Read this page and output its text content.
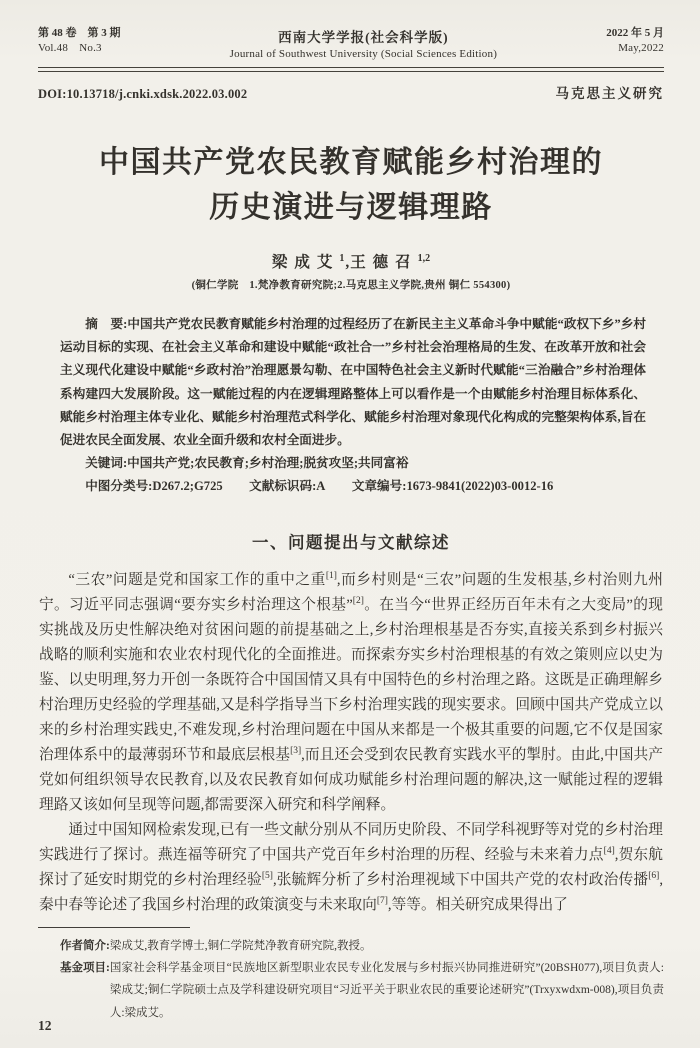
第 48 卷　第 3 期
Vol.48　No.3
西南大学学报(社会科学版)
Journal of Southwest University (Social Sciences Edition)
2022 年 5 月
May,2022
DOI:10.13718/j.cnki.xdsk.2022.03.002	马克思主义研究
中国共产党农民教育赋能乡村治理的
历史演进与逻辑理路
梁成艾$^1$,王德召$^{1,2}$
(铜仁学院　1.梵净教育研究院;2.马克思主义学院,贵州 铜仁 554300)

摘　要:中国共产党农民教育赋能乡村治理的过程经历了在新民主主义革命斗争中赋能“政权下乡”乡村运动目标的实现、在社会主义革命和建设中赋能“政社合一”乡村社会治理格局的生发、在改革开放和社会主义现代化建设中赋能“乡政村治”治理愿景勾勒、在中国特色社会主义新时代赋能“三治融合”乡村治理体系构建四大发展阶段。这一赋能过程的内在逻辑理路整体上可以看作是一个由赋能乡村治理目标体系化、赋能乡村治理主体专业化、赋能乡村治理范式科学化、赋能乡村治理对象现代化构成的完整架构体系,旨在促进农民全面发展、农业全面升级和农村全面进步。

关键词:中国共产党;农民教育;乡村治理;脱贫攻坚;共同富裕

中图分类号:D267.2;G725 文献标识码:A 文章编号:1673-9841(2022)03-0012-16

一、问题提出与文献综述

“三农”问题是党和国家工作的重中之重[1],而乡村则是“三农”问题的生发根基,乡村治则九州宁。习近平同志强调“要夯实乡村治理这个根基”[2]。在当今“世界正经历百年未有之大变局”的现实挑战及历史性解决绝对贫困问题的前提基础之上,乡村治理根基是否夯实,直接关系到乡村振兴战略的顺利实施和农业农村现代化的全面推进。而探索夯实乡村治理根基的有效之策则应以史为鉴、以史明理,努力开创一条既符合中国国情又具有中国特色的乡村治理之路。这既是正确理解乡村治理历史经验的学理基础,又是科学指导当下乡村治理实践的现实要求。回顾中国共产党成立以来的乡村治理实践史,不难发现,乡村治理问题在中国从来都是一个极其重要的问题,它不仅是国家治理体系中的最薄弱环节和最底层根基[3],而且还会受到农民教育实践水平的掣肘。由此,中国共产党如何组织领导农民教育,以及农民教育如何成功赋能乡村治理问题的解决,这一赋能过程的逻辑理路又该如何呈现等问题,都需要深入研究和科学阐释。

通过中国知网检索发现,已有一些文献分别从不同历史阶段、不同学科视野等对党的乡村治理实践进行了探讨。燕连福等研究了中国共产党百年乡村治理的历程、经验与未来着力点[4],贺东航探讨了延安时期党的乡村治理经验[5],张毓辉分析了乡村治理视域下中国共产党的农村政治传播[6],秦中春等论述了我国乡村治理的政策演变与未来取向[7],等等。相关研究成果得出了

作者简介: 梁成艾,教育学博士,铜仁学院梵净教育研究院,教授。
基金项目: 国家社会科学基金项目“民族地区新型职业农民专业化发展与乡村振兴协同推进研究”(20BSH077),项目负责人:梁成艾;铜仁学院硕士点及学科建设研究项目“习近平关于职业农民的重要论述研究”(Trxyxwdxm-008),项目负责人:梁成艾。
12
